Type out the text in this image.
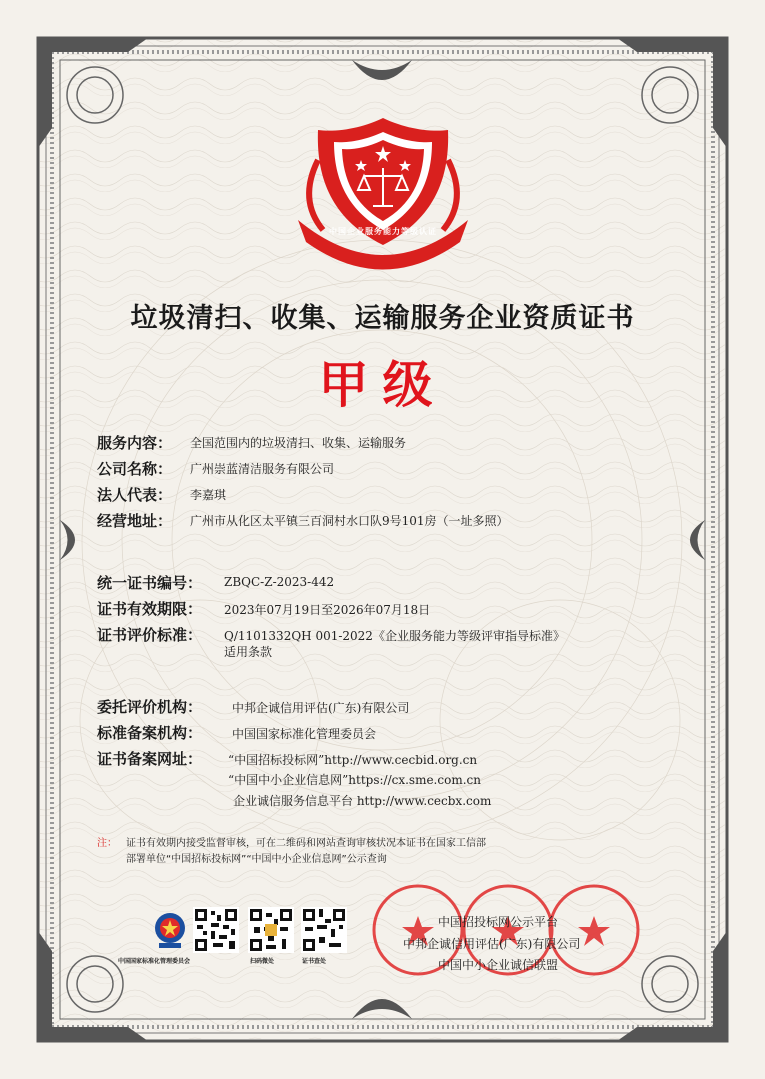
中国企业服务能力等级认证
垃圾清扫、收集、运输服务企业资质证书
甲级
服务内容： 全国范围内的垃圾清扫、收集、运输服务
公司名称： 广州崇蓝清洁服务有限公司
法人代表： 李嘉琪
经营地址： 广州市从化区太平镇三百洞村水口队9号101房（一址多照）
统一证书编号： ZBQC-Z-2023-442
证书有效期限： 2023年07月19日至2026年07月18日
证书评价标准： Q/1101332QH 001-2022《企业服务能力等级评审指导标准》
适用条款
委托评价机构： 中邦企诚信用评估(广东)有限公司
标准备案机构： 中国国家标准化管理委员会
证书备案网址： “中国招标投标网”http://www.cecbid.org.cn
“中国中小企业信息网”https://cx.sme.com.cn
企业诚信服务信息平台 http://www.cecbx.com
注： 证书有效期内接受监督审核，可在二维码和网站查询审核状况本证书在国家工信部
部署单位“中国招标投标网”“中国中小企业信息网”公示查询
中国国家标准化管理委员会	扫码微处	证书查处
中国招投标网公示平台
中邦企诚信用评估(广东)有限公司
中国中小企业诚信联盟
